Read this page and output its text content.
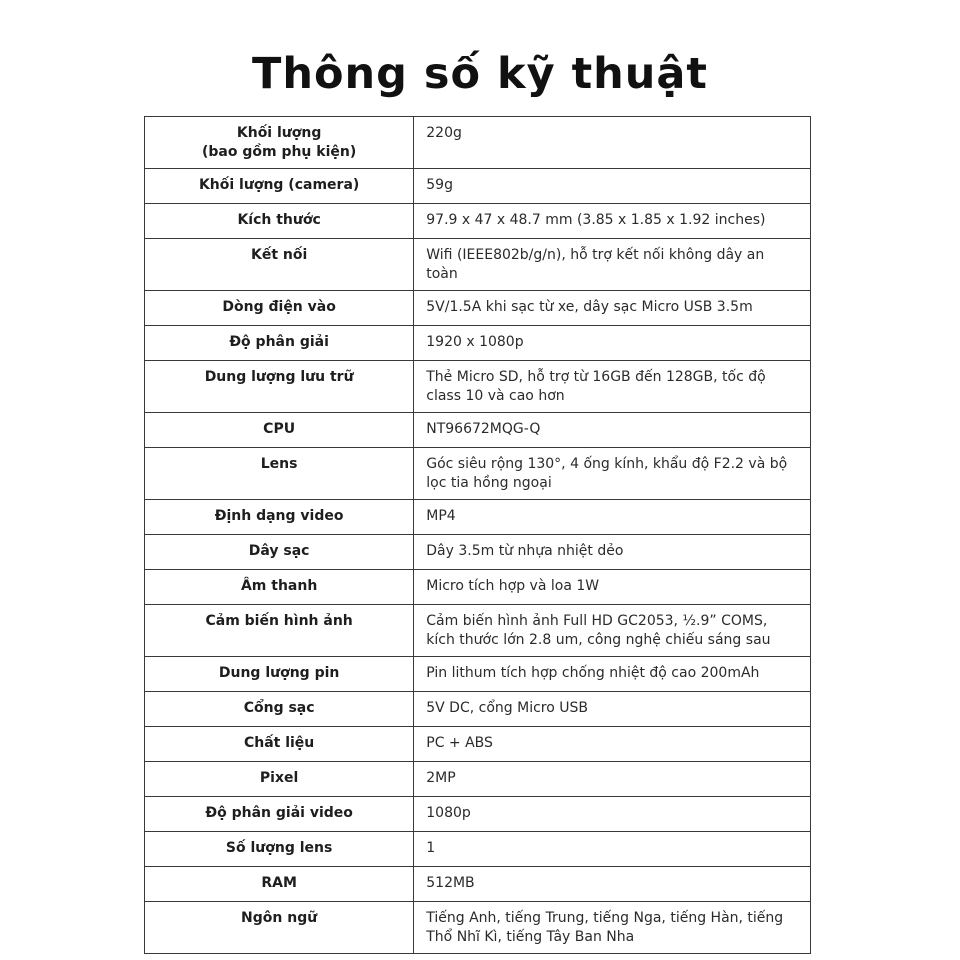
Thông số kỹ thuật
Khối lượng
(bao gồm phụ kiện)	220g
Khối lượng (camera)	59g
Kích thước	97.9 x 47 x 48.7 mm (3.85 x 1.85 x 1.92 inches)
Kết nối	Wifi (IEEE802b/g/n), hỗ trợ kết nối không dây an toàn
Dòng điện vào	5V/1.5A khi sạc từ xe, dây sạc Micro USB 3.5m
Độ phân giải	1920 x 1080p
Dung lượng lưu trữ	Thẻ Micro SD, hỗ trợ từ 16GB đến 128GB, tốc độ class 10 và cao hơn
CPU	NT96672MQG-Q
Lens	Góc siêu rộng 130°, 4 ống kính, khẩu độ F2.2 và bộ lọc tia hồng ngoại
Định dạng video	MP4
Dây sạc	Dây 3.5m từ nhựa nhiệt dẻo
Âm thanh	Micro tích hợp và loa 1W
Cảm biến hình ảnh	Cảm biến hình ảnh Full HD GC2053, ½.9” COMS, kích thước lớn 2.8 um, công nghệ chiếu sáng sau
Dung lượng pin	Pin lithum tích hợp chống nhiệt độ cao 200mAh
Cổng sạc	5V DC, cổng Micro USB
Chất liệu	PC + ABS
Pixel	2MP
Độ phân giải video	1080p
Số lượng lens	1
RAM	512MB
Ngôn ngữ	Tiếng Anh, tiếng Trung, tiếng Nga, tiếng Hàn, tiếng Thổ Nhĩ Kì, tiếng Tây Ban Nha
